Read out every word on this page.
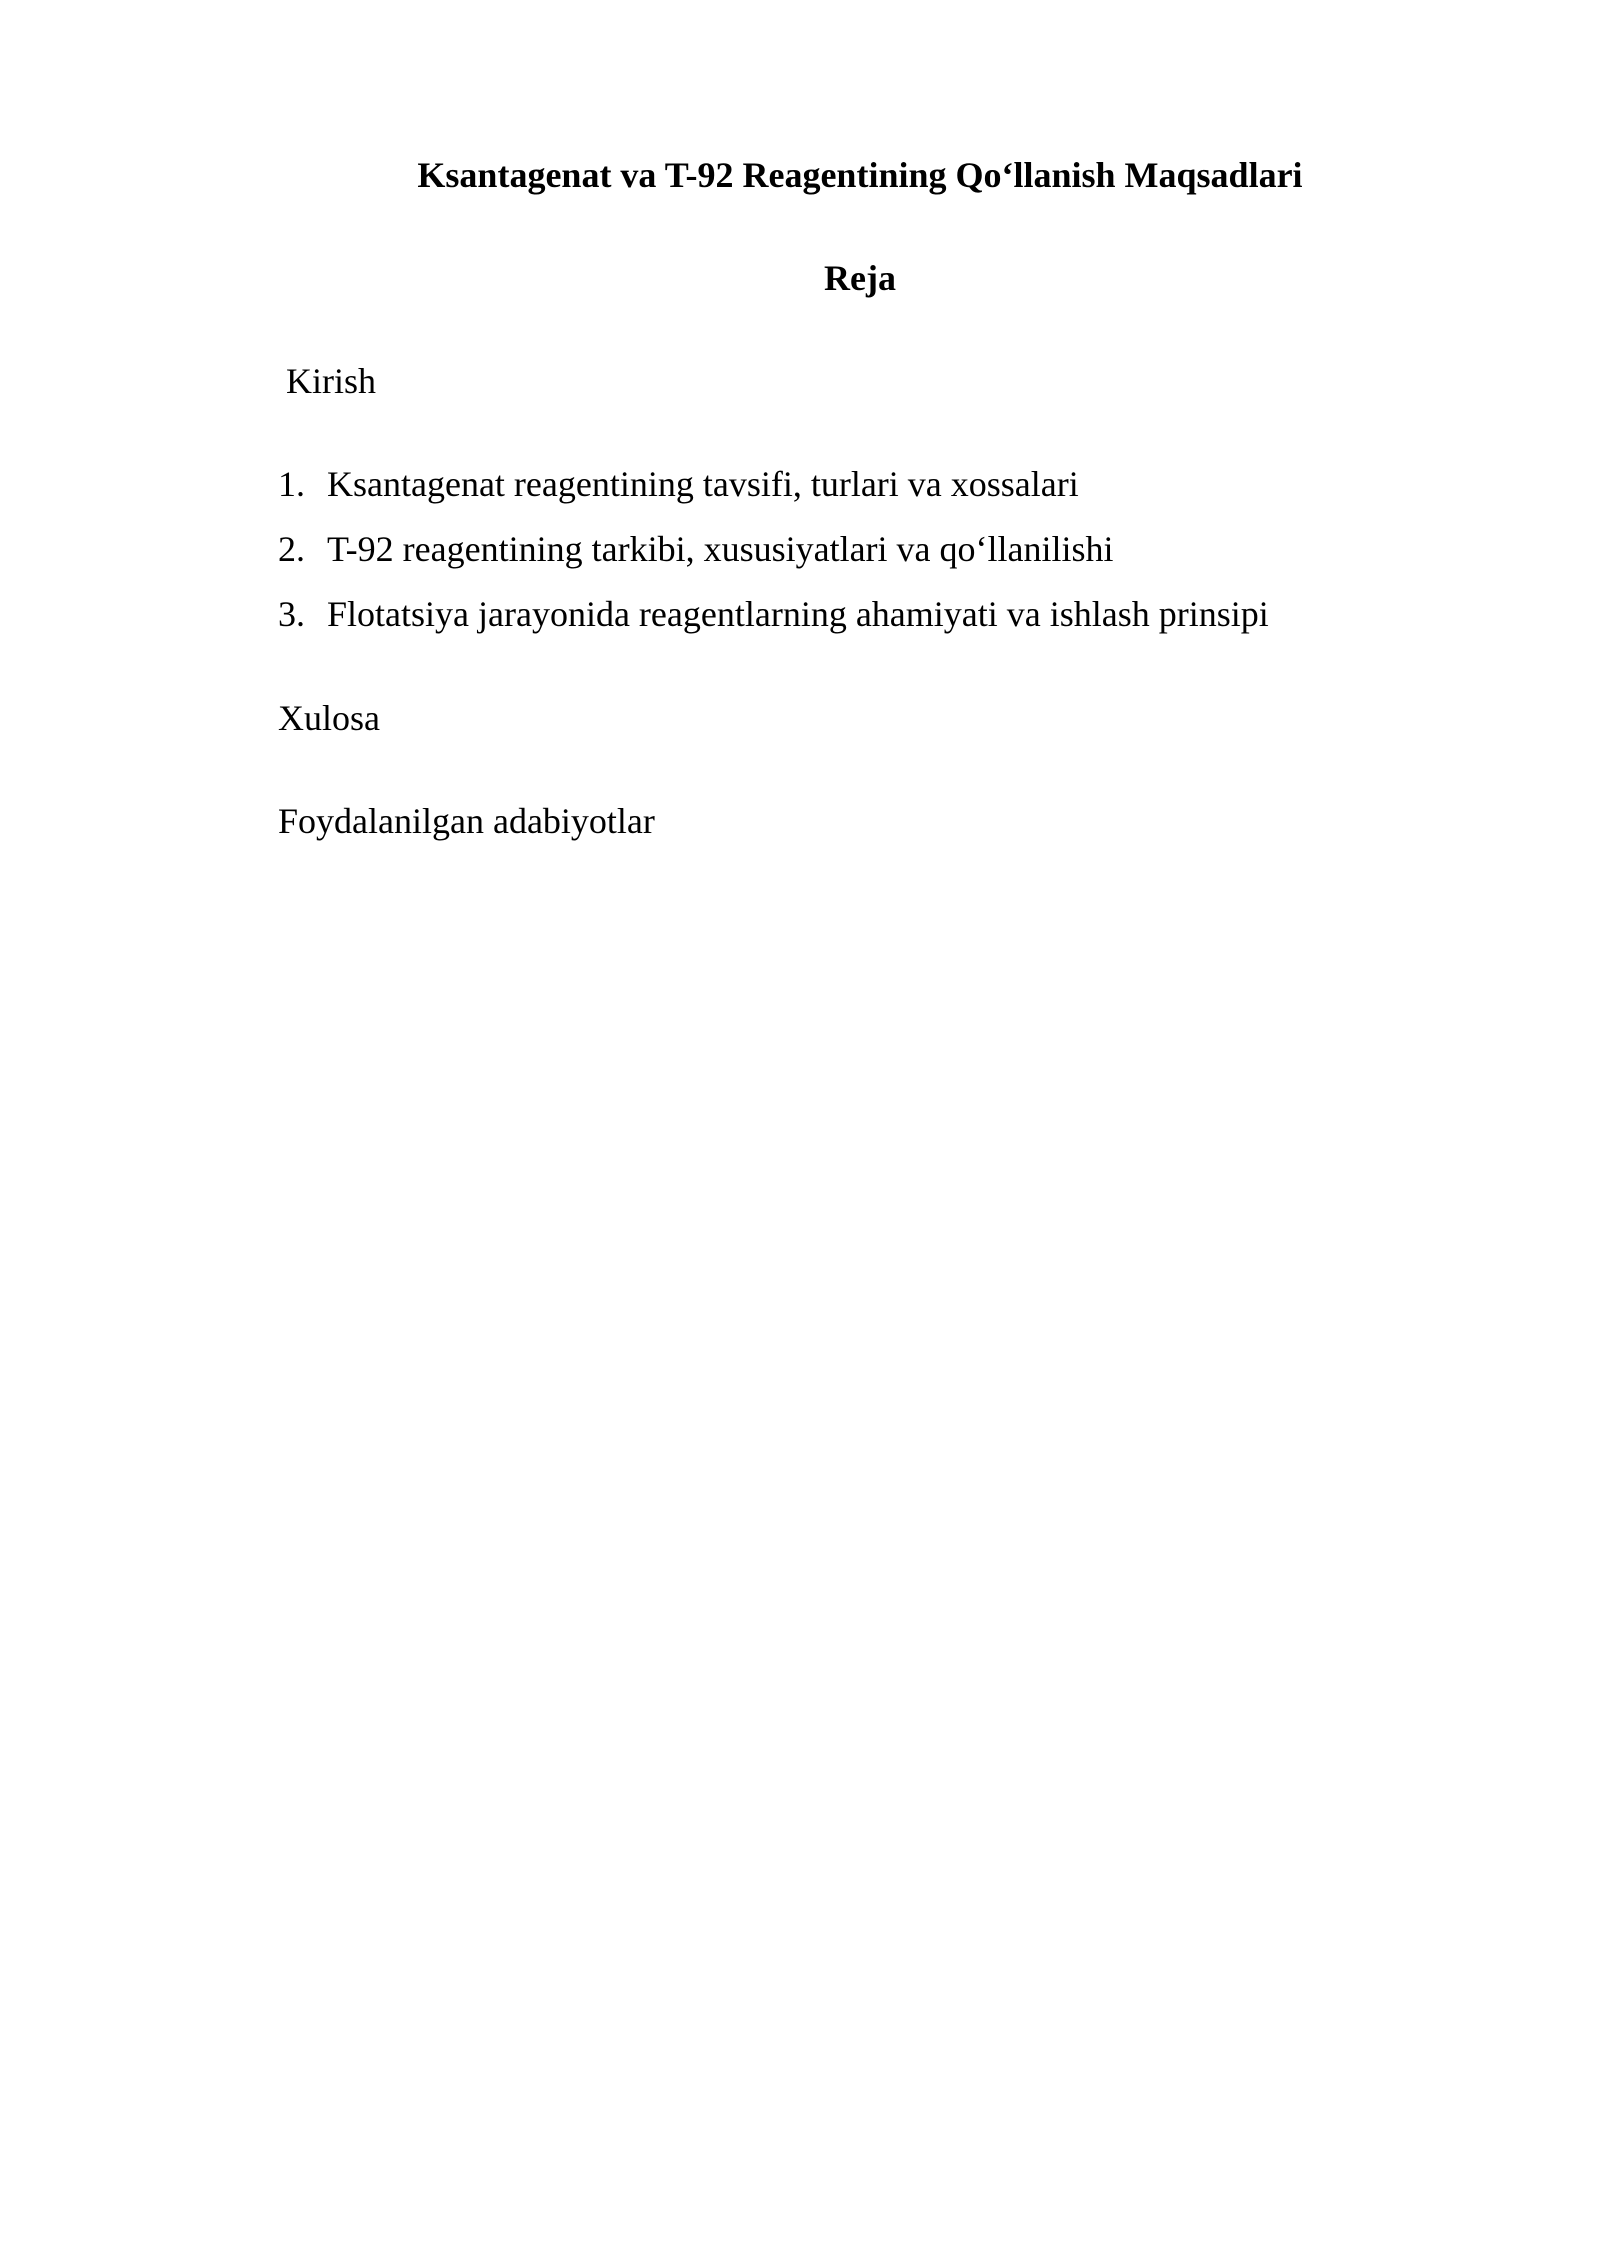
Ksantagenat va T-92 Reagentining Qo‘llanish Maqsadlari
Reja

Kirish

1. Ksantagenat reagentining tavsifi, turlari va xossalari
2. T-92 reagentining tarkibi, xususiyatlari va qo‘llanilishi
3. Flotatsiya jarayonida reagentlarning ahamiyati va ishlash prinsipi

Xulosa

Foydalanilgan adabiyotlar
